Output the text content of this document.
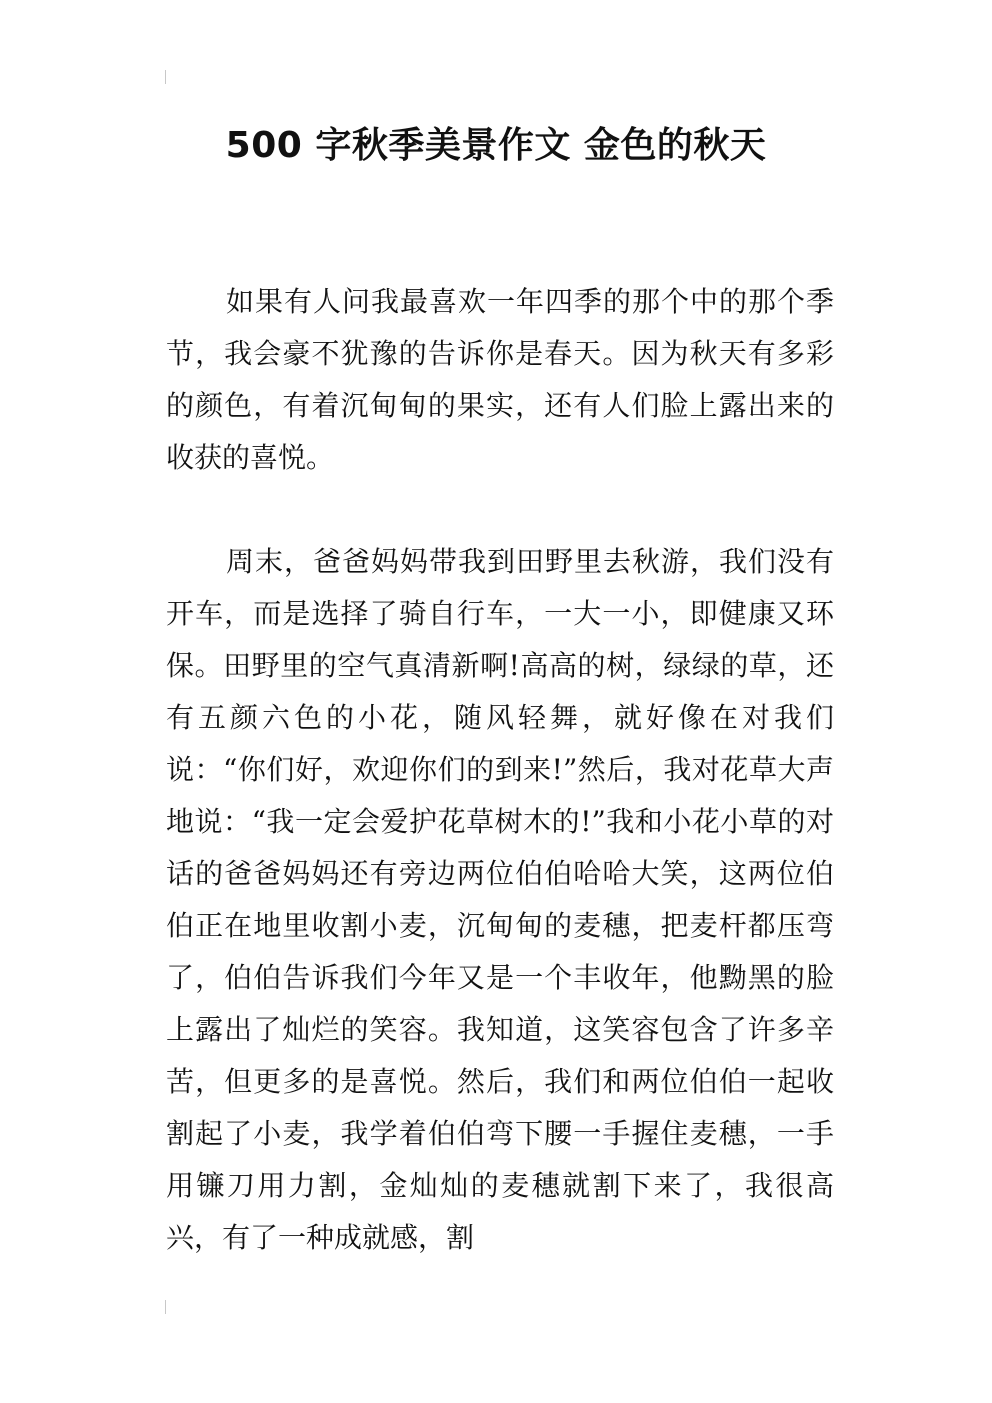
500 字秋季美景作文 金色的秋天

如果有人问我最喜欢一年四季的那个中的那个季节，我会豪不犹豫的告诉你是春天。因为秋天有多彩的颜色，有着沉甸甸的果实，还有人们脸上露出来的收获的喜悦。

周末，爸爸妈妈带我到田野里去秋游，我们没有开车，而是选择了骑自行车，一大一小，即健康又环保。田野里的空气真清新啊!高高的树，绿绿的草，还有五颜六色的小花，随风轻舞，就好像在对我们说：“你们好，欢迎你们的到来!”然后，我对花草大声地说：“我一定会爱护花草树木的!”我和小花小草的对话的爸爸妈妈还有旁边两位伯伯哈哈大笑，这两位伯伯正在地里收割小麦，沉甸甸的麦穗，把麦杆都压弯了，伯伯告诉我们今年又是一个丰收年，他黝黑的脸上露出了灿烂的笑容。我知道，这笑容包含了许多辛苦，但更多的是喜悦。然后，我们和两位伯伯一起收割起了小麦，我学着伯伯弯下腰一手握住麦穗，一手用镰刀用力割，金灿灿的麦穗就割下来了，我很高兴，有了一种成就感，割
